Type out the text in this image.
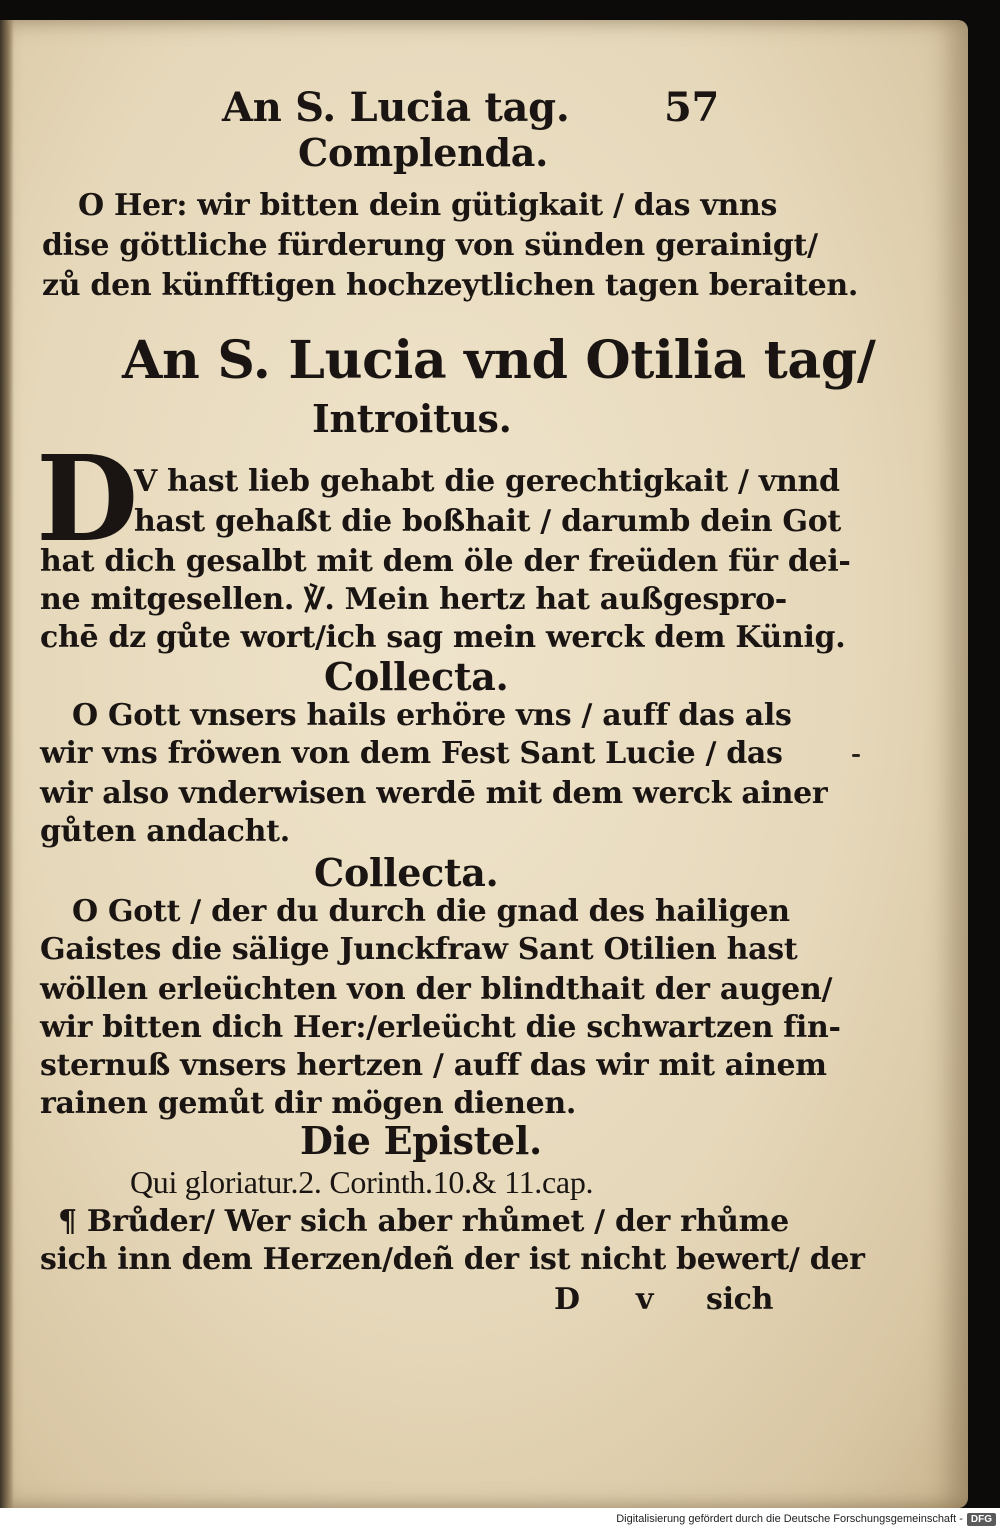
An S. Lucia tag. 57
Complenda.
O Her: wir bitten dein gütigkait / das vnns
dise göttliche fürderung von sünden gerainigt/
zů den künfftigen hochzeytlichen tagen beraiten.
An S. Lucia vnd Otilia tag/
Introitus.
D
V hast lieb gehabt die gerechtigkait / vnnd
hast gehaßt die boßhait / darumb dein Got
hat dich gesalbt mit dem öle der freüden für dei-
ne mitgesellen. ℣. Mein hertz hat außgespro-
chē dz gůte wort/ich sag mein werck dem Künig.
Collecta.
O Gott vnsers hails erhöre vns / auff das als
wir vns fröwen von dem Fest Sant Lucie / das
wir also vnderwisen werdē mit dem werck ainer
gůten andacht.
Collecta.
O Gott / der du durch die gnad des hailigen
Gaistes die sälige Junckfraw Sant Otilien hast
wöllen erleüchten von der blindthait der augen/
wir bitten dich Her:/erleücht die schwartzen fin-
sternuß vnsers hertzen / auff das wir mit ainem
rainen gemůt dir mögen dienen.
Die Epistel.
Qui gloriatur.2. Corinth.10.& 11.cap.
¶ Brůder/ Wer sich aber rhůmet / der rhůme
sich inn dem Herzen/deñ der ist nicht bewert/ der
D v sich
Digitalisierung gefördert durch die Deutsche Forschungsgemeinschaft - DFG
